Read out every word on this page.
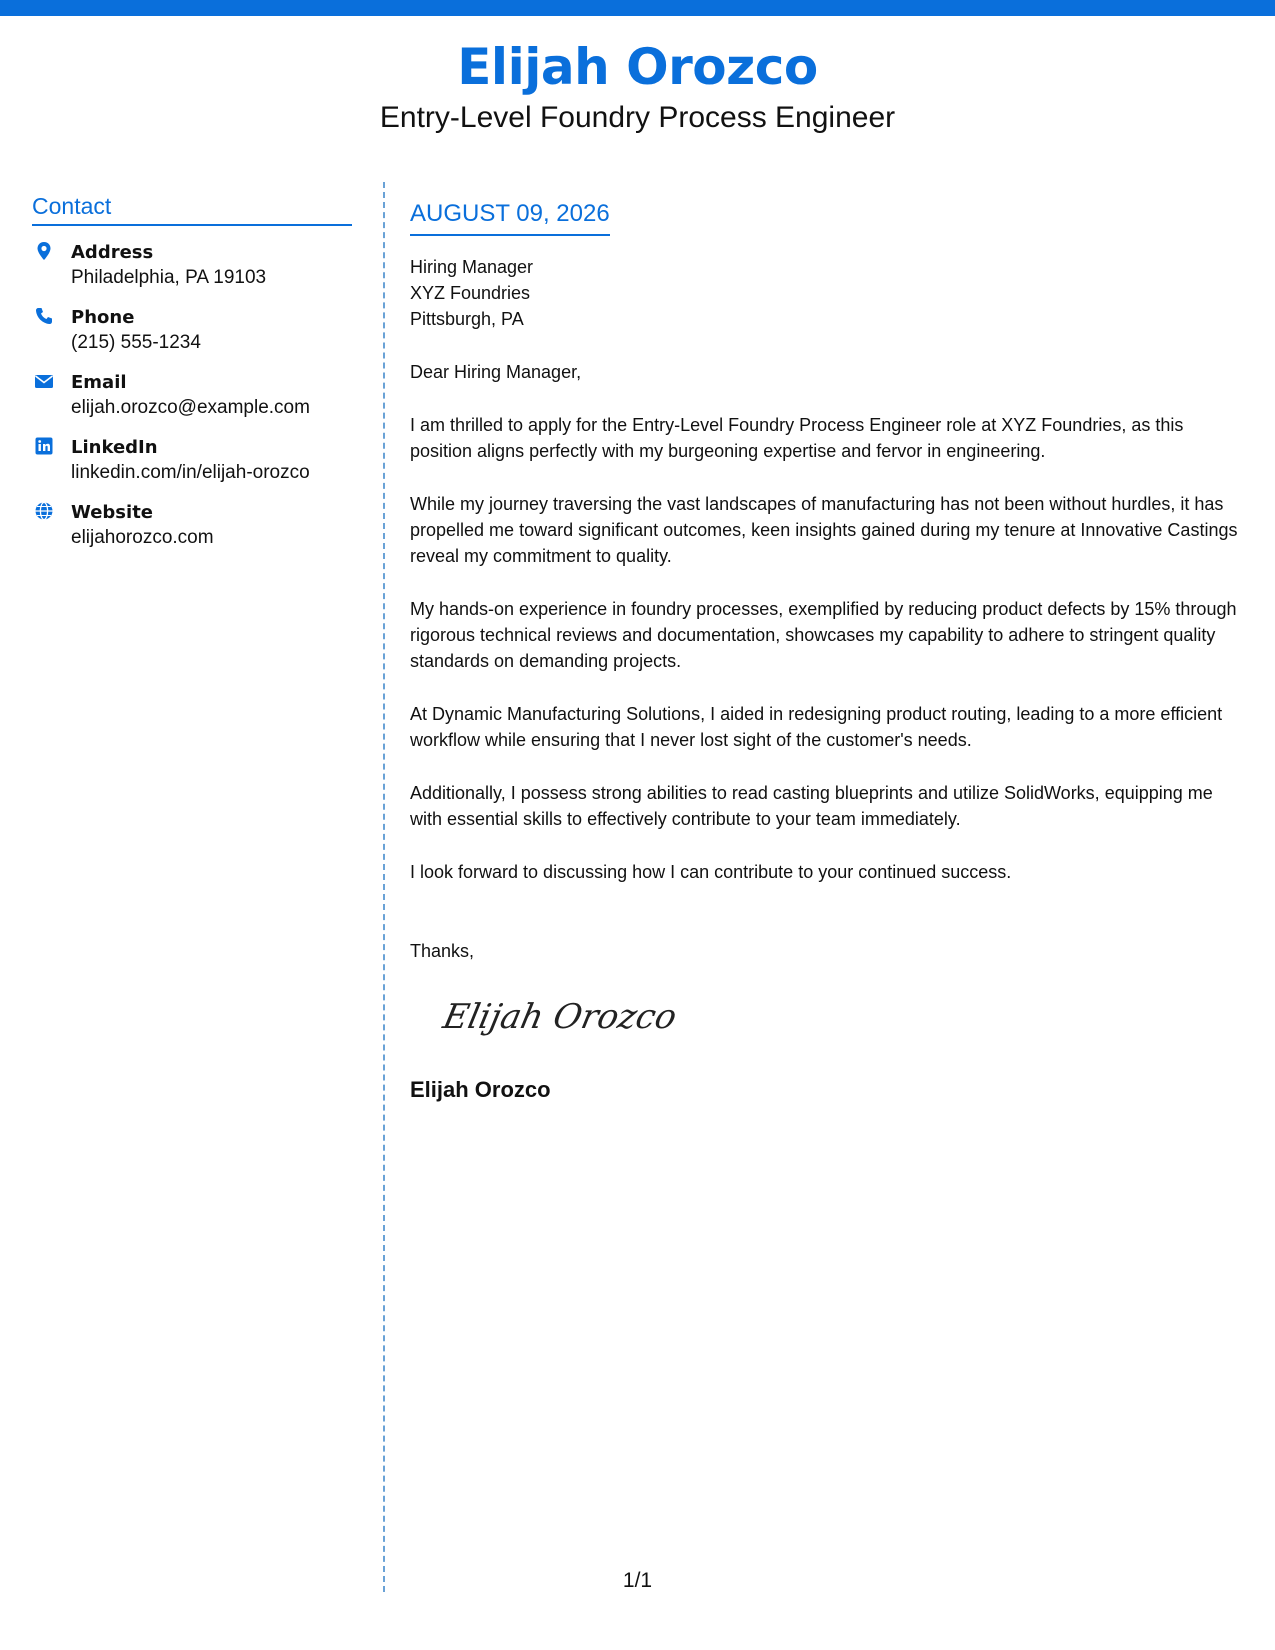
Elijah Orozco
Entry-Level Foundry Process Engineer
Contact
Address
Philadelphia, PA 19103
Phone
(215) 555-1234
Email
elijah.orozco@example.com
LinkedIn
linkedin.com/in/elijah-orozco
Website
elijahorozco.com
AUGUST 09, 2026
Hiring Manager
XYZ Foundries
Pittsburgh, PA
Dear Hiring Manager,
I am thrilled to apply for the Entry-Level Foundry Process Engineer role at XYZ Foundries, as this position aligns perfectly with my burgeoning expertise and fervor in engineering.
While my journey traversing the vast landscapes of manufacturing has not been without hurdles, it has propelled me toward significant outcomes, keen insights gained during my tenure at Innovative Castings reveal my commitment to quality.
My hands-on experience in foundry processes, exemplified by reducing product defects by 15% through rigorous technical reviews and documentation, showcases my capability to adhere to stringent quality standards on demanding projects.
At Dynamic Manufacturing Solutions, I aided in redesigning product routing, leading to a more efficient workflow while ensuring that I never lost sight of the customer's needs.
Additionally, I possess strong abilities to read casting blueprints and utilize SolidWorks, equipping me with essential skills to effectively contribute to your team immediately.
I look forward to discussing how I can contribute to your continued success.
Thanks,
Elijah Orozco
Elijah Orozco
1/1
